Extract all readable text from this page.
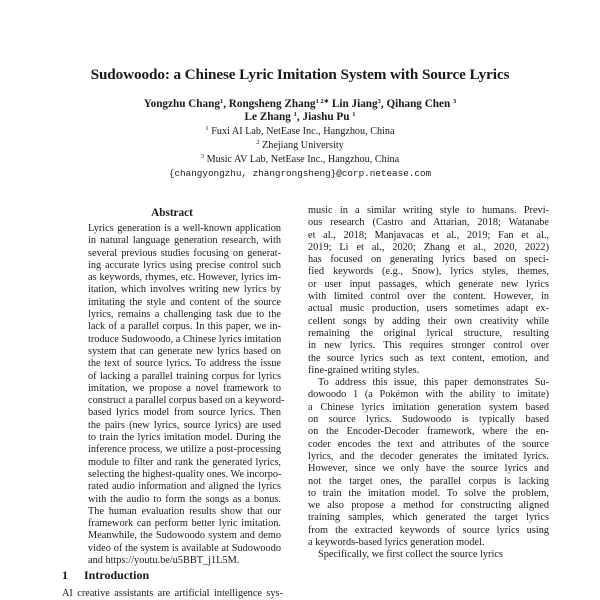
Sudowoodo: a Chinese Lyric Imitation System with Source Lyrics
Yongzhu Chang$^1$, Rongsheng Zhang$^{1 2∗}$ Lin Jiang$^3$, Qihang Chen $^3$
Le Zhang $^1$, Jiashu Pu $^1$
$^1$ Fuxi AI Lab, NetEase Inc., Hangzhou, China
$^2$ Zhejiang University
$^3$ Music AV Lab, NetEase Inc., Hangzhou, China
{changyongzhu, zhangrongsheng}@corp.netease.com
Abstract
Lyrics generation is a well-known application
in natural language generation research, with
several previous studies focusing on generat-
ing accurate lyrics using precise control such
as keywords, rhymes, etc. However, lyrics im-
itation, which involves writing new lyrics by
imitating the style and content of the source
lyrics, remains a challenging task due to the
lack of a parallel corpus. In this paper, we in-
troduce Sudowoodo, a Chinese lyrics imitation
system that can generate new lyrics based on
the text of source lyrics. To address the issue
of lacking a parallel training corpus for lyrics
imitation, we propose a novel framework to
construct a parallel corpus based on a keyword-
based lyrics model from source lyrics. Then
the pairs (new lyrics, source lyrics) are used
to train the lyrics imitation model. During the
inference process, we utilize a post-processing
module to filter and rank the generated lyrics,
selecting the highest-quality ones. We incorpo-
rated audio information and aligned the lyrics
with the audio to form the songs as a bonus.
The human evaluation results show that our
framework can perform better lyric imitation.
Meanwhile, the Sudowoodo system and demo
video of the system is available at Sudowoodo
and https://youtu.be/u5BBT_j1L5M.
1 Introduction
AI creative assistants are artificial intelligence sys-
music in a similar writing style to humans. Previ-
ous research (Castro and Attarian, 2018; Watanabe
et al., 2018; Manjavacas et al., 2019; Fan et al.,
2019; Li et al., 2020; Zhang et al., 2020, 2022)
has focused on generating lyrics based on speci-
fied keywords (e.g., Snow), lyrics styles, themes,
or user input passages, which generate new lyrics
with limited control over the content. However, in
actual music production, users sometimes adapt ex-
cellent songs by adding their own creativity while
remaining the original lyrical structure, resulting
in new lyrics. This requires stronger control over
the source lyrics such as text content, emotion, and
fine-grained writing styles.
To address this issue, this paper demonstrates Su-
dowoodo 1 (a Pokémon with the ability to imitate)
a Chinese lyrics imitation generation system based
on source lyrics. Sudowoodo is typically based
on the Encoder-Decoder framework, where the en-
coder encodes the text and attributes of the source
lyrics, and the decoder generates the imitated lyrics.
However, since we only have the source lyrics and
not the target ones, the parallel corpus is lacking
to train the imitation model. To solve the problem,
we also propose a method for constructing aligned
training samples, which generated the target lyrics
from the extracted keywords of source lyrics using
a keywords-based lyrics generation model.
Specifically, we first collect the source lyrics
